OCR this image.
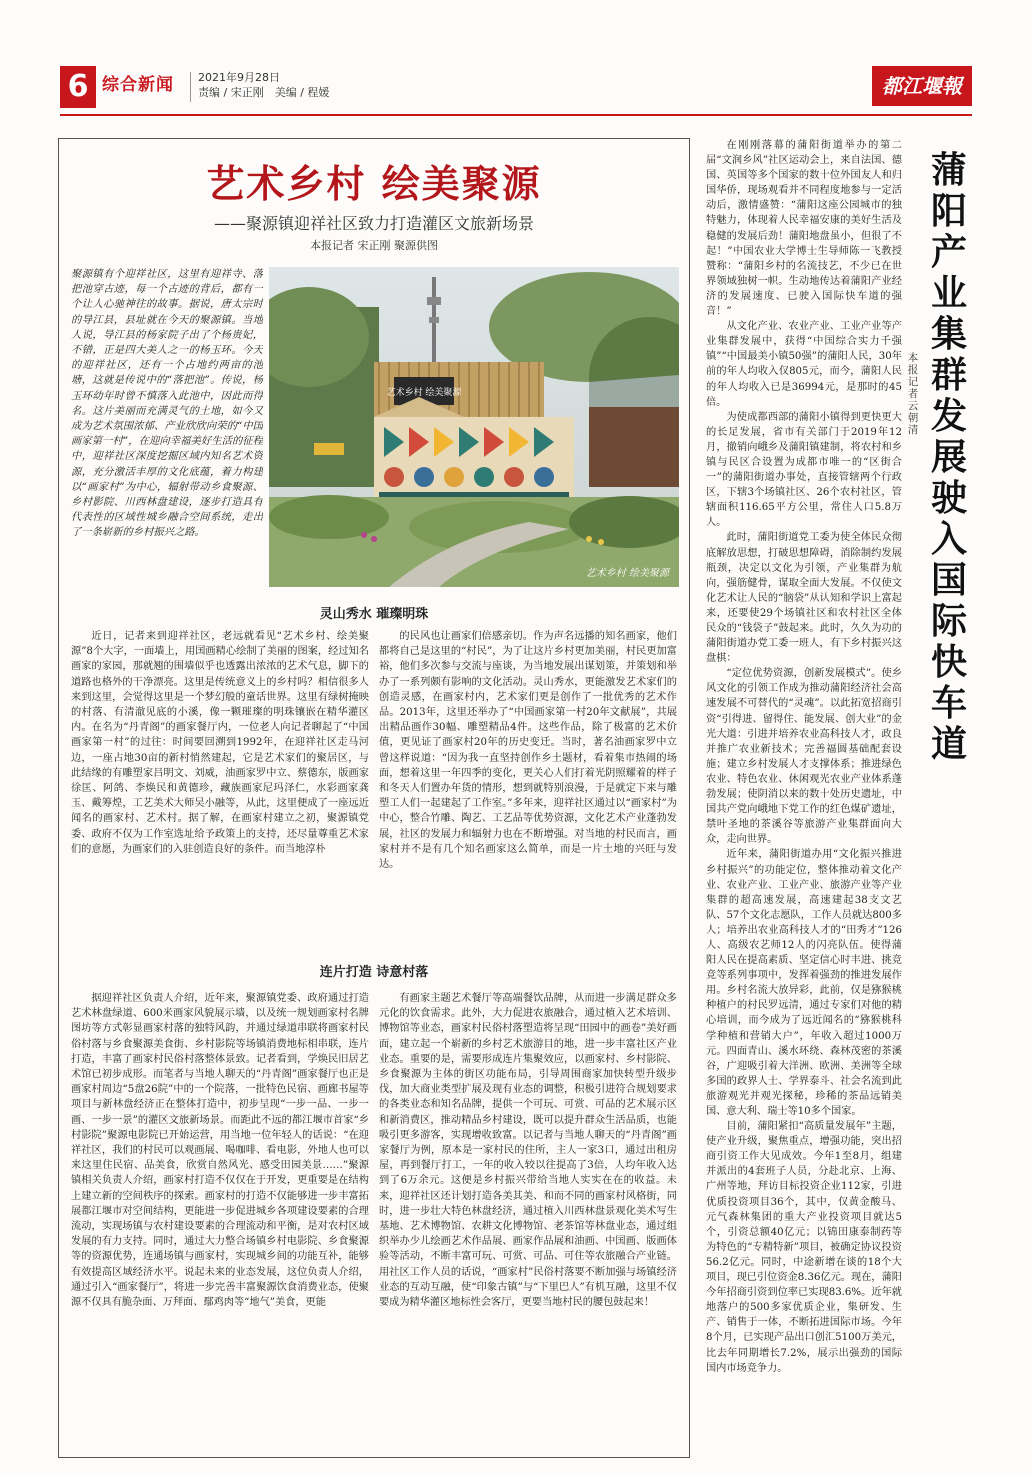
6 综合新闻 2021年9月28日
责编 / 宋正刚　美编 / 程媛	都江堰報
艺术乡村 绘美聚源
——聚源镇迎祥社区致力打造灌区文旅新场景
本报记者 宋正刚 聚源供图
聚源镇有个迎祥社区，这里有迎祥寺、落把池穿古迹，每一个古迹的背后，都有一个让人心驰神往的故事。据说，唐太宗时的导江县，县址就在今天的聚源镇。当地人说，导江县的杨家院子出了个杨贵妃，不错，正是四大美人之一的杨玉环。今天的迎祥社区，还有一个占地约两亩的池塘，这就是传说中的“落把池”。传说，杨玉环幼年时曾不慎落入此池中，因此而得名。这片美丽而充满灵气的土地，如今又成为艺术氛围浓郁、产业欣欣向荣的“中国画家第一村”，在迎向幸福美好生活的征程中，迎祥社区深度挖掘区域内知名艺术资源，充分激活丰厚的文化底蕴，着力构建以“画家村”为中心，辐射带动乡食聚源、乡村影院、川西林盘建设，逐步打造具有代表性的区域性城乡融合空间系统，走出了一条崭新的乡村振兴之路。
艺术乡村 绘美聚源
艺术乡村 绘美聚源
灵山秀水 璀璨明珠

近日，记者来到迎祥社区，老远就看见“艺术乡村、绘美聚源”8个大字，一面墙上，用国画精心绘制了美丽的图案，经过知名画家的家园，那就翘的围墙似乎也透露出浓浓的艺术气息，脚下的道路也格外的干净漂亮。这里是传统意义上的乡村吗？相信很多人来到这里，会觉得这里是一个梦幻般的童话世界。这里有绿树掩映的村落、有清澈见底的小溪，像一颗璀璨的明珠镶嵌在精华灌区内。在名为“丹青阁”的画家餐厅内，一位老人向记者聊起了“中国画家第一村”的过往：时间要回溯到1992年，在迎祥社区走马河边，一座占地30亩的新村悄然建起，它是艺术家们的聚居区，与此结缘的有雕塑家吕明文、刘威，油画家罗中立、蔡德东，版画家徐匡、阿鸽、李焕民和黄德珍，藏族画家尼玛泽仁，水彩画家龚玉、戴筹煌，工艺美术大师吴小融等，从此，这里便成了一座远近闻名的画家村、艺术村。据了解，在画家村建立之初，聚源镇党委、政府不仅为工作室选址给予政策上的支持，还尽量尊重艺术家们的意愿，为画家们的入驻创造良好的条件。而当地淳朴

的民风也让画家们倍感亲切。作为声名远播的知名画家，他们都将自己是这里的“村民”，为了让这片乡村更加美丽，村民更加富裕，他们多次参与交流与座谈，为当地发展出谋划策，并策划和举办了一系列颇有影响的文化活动。灵山秀水，更能激发艺术家们的创造灵感，在画家村内，艺术家们更是创作了一批优秀的艺术作品。2013年，这里还举办了“中国画家第一村20年文献展”，共展出精品画作30幅、雕塑精品4件。这些作品，除了极富的艺术价值，更见证了画家村20年的历史变迁。当时，著名油画家罗中立曾这样说道：“因为我一直坚持创作乡土题材，看着集市热闹的场面，想着这里一年四季的变化，更关心人们打着光阴照耀着的样子和冬天人们置办年货的情形，想到就特别浪漫，于是就定下来与雕塑工人们一起建起了工作室。”多年来，迎祥社区通过以“画家村”为中心，整合竹雕、陶艺、工艺品等优势资源，文化艺术产业蓬勃发展，社区的发展力和辐射力也在不断增强。对当地的村民而言，画家村并不是有几个知名画家这么简单，而是一片土地的兴旺与发达。

连片打造 诗意村落

据迎祥社区负责人介绍，近年来，聚源镇党委、政府通过打造艺术林盘绿道、600米画家风貌展示墙，以及统一规划画家村名牌图坊等方式彰显画家村落的独特风韵，并通过绿道串联将画家村民俗村落与乡食聚源美食街、乡村影院等场镇消费地标相串联，连片打造，丰富了画家村民俗村落整体景致。记者看到，学焕民旧居艺术馆已初步成形。而笔者与当地人聊天的“丹青阁”画家餐厅也正是画家村周边“5盘26院”中的一个院落，一批特色民宿、画廊书屋等项目与新林盘经济正在整体打造中，初步呈现“一步一品、一步一画、一步一景”的灌区文旅新场景。而距此不远的都江堰市首家“乡村影院”聚源电影院已开始运营，用当地一位年轻人的话说：“在迎祥社区，我们的村民可以观画展、喝咖啡、看电影，外地人也可以来这里住民宿、品美食，欣赏自然风光、感受田园美景……”聚源镇相关负责人介绍，画家村打造不仅仅在于开发，更重要是在结构上建立新的空间秩序的探索。画家村的打造不仅能够进一步丰富拓展都江堰市对空间结构，更能进一步促进城乡各项建设要素的合理流动，实现场镇与农村建设要素的合理流动和平衡，是对农村区域发展的有力支持。同时，通过大力整合场镇乡村电影院、乡食聚源等的资源优势，连通场镇与画家村，实现城乡间的功能互补，能够有效提高区域经济水平。说起未来的业态发展，这位负责人介绍，通过引入“画家餐厅”，将进一步完善丰富聚源饮食消费业态，使聚源不仅具有脆杂面、万拜面、鄢鸡肉等“地气”美食，更能

有画家主题艺术餐厅等高端餐饮品牌，从而进一步满足群众多元化的饮食需求。此外，大力促进农旅融合，通过植入艺术培训、博物馆等业态，画家村民俗村落塑造将呈现“田园中的画卷”美好画面，建立起一个崭新的乡村艺术旅游目的地，进一步丰富社区产业业态。重要的是，需要形成连片集聚效应，以画家村、乡村影院、乡食聚源为主体的街区功能布局，引导周围商家加快转型升级步伐，加大商业类型扩展及现有业态的调整，积极引进符合规划要求的各类业态和知名品牌，提供一个可玩、可赏、可品的艺术展示区和新消费区，推动精品乡村建设，既可以提升群众生活品质，也能吸引更多游客，实现增收致富。以记者与当地人聊天的“丹青阁”画家餐厅为例，原本是一家村民的住所，主人一家3口，通过出租房屋，再到餐厅打工，一年的收入较以往提高了3倍，人均年收入达到了6万余元。这便是乡村振兴带给当地人实实在在的收益。未来，迎祥社区还计划打造各美其美、和而不同的画家村风格街，同时，进一步壮大特色林盘经济，通过植入川西林盘景观化美术写生基地、艺术博物馆、农耕文化博物馆、老茶馆等林盘业态，通过组织举办少儿绘画艺术作品展、画家作品展和油画、中国画、版画体验等活动，不断丰富可玩、可赏、可品、可住等农旅融合产业链。用社区工作人员的话说，“画家村”民俗村落要不断加强与场镇经济业态的互动互融，使“印象古镇”与“下里巴人”有机互融，这里不仅要成为精华灌区地标性会客厅，更要当地村民的腰包鼓起来！

在刚刚落幕的蒲阳街道举办的第二届“文润乡风”社区运动会上，来自法国、德国、英国等多个国家的数十位外国友人和归国华侨，现场观看并不同程度地参与一定活动后，激情盛赞：“蒲阳这座公园城市的独特魅力，体现着人民幸福安康的美好生活及稳健的发展后劲！蒲阳地盘虽小，但很了不起！”中国农业大学博士生导师陈一飞教授赞称：“蒲阳乡村的名流技艺，不少已在世界领域独树一帜。生动地传达着蒲阳产业经济的发展速度、已驶入国际快车道的强音！”

从文化产业、农业产业、工业产业等产业集群发展中，获得“中国综合实力千强镇”“中国最美小镇50强”的蒲阳人民，30年前的年人均收入仅805元，而今，蒲阳人民的年人均收入已是36994元，是那时的45倍。

为使成都西部的蒲阳小镇得到更快更大的长足发展，省市有关部门于2019年12月，撤销向峨乡及蒲阳镇建制，将农村和乡镇与民区合设置为成都市唯一的“区街合一”的蒲阳街道办事处，直接管辖两个行政区，下辖3个场镇社区、26个农村社区，管辖面积116.65平方公里，常住人口5.8万人。

此时，蒲阳街道党工委为使全体民众彻底解放思想，打破思想障碍，消除制约发展瓶颈，决定以文化为引领，产业集群为航向，强筋健骨，谋取全面大发展。不仅使文化艺术让人民的“脑袋”从认知和学识上富起来，还要使29个场镇社区和农村社区全体民众的“钱袋子”鼓起来。此时，久久为功的蒲阳街道办党工委一班人，有下乡村振兴这盘棋：

“定位优势资源，创新发展模式”。使乡风文化的引领工作成为推动蒲阳经济社会高速发展不可替代的“灵魂”。以此拓宽招商引资“引得进、留得住、能发展、创大业”的金光大道：引进并培养农业高科技人才，政良并推广农业新技术；完善福圆基础配套设施；建立乡村发展人才支撑体系；推进绿色农业、特色农业、休闲观光农业产业体系蓬勃发展；使阴消以来的数十处历史遗址，中国共产党向峨地下党工作的红色煤矿遗址，禁叶圣地的茶溪谷等旅游产业集群面向大众，走向世界。

近年来，蒲阳街道办用“文化振兴推进乡村振兴”的功能定位，整体推动着文化产业、农业产业、工业产业、旅游产业等产业集群的超高速发展，高速建起38支文艺队、57个文化志愿队，工作人员就达800多人；培养出农业高科技人才的“田秀才”126人、高级农艺师12人的闪亮队伍。使得蒲阳人民在提高素质、坚定信心时丰进、挑竞竞等系列事项中，发挥着强劲的推进发展作用。乡村名流大放异彩，此前，仅是猕猴桃种植户的村民罗远清，通过专家们对他的精心培训，而今成为了远近闻名的“猕猴桃科学种植和营销大户”，年收入超过1000万元。四面青山、溪水环绕、森林茂密的茶溪谷，广迎吸引着大洋洲、欧洲、美洲等全球多国的政界人士、学界泰斗、社会名流到此旅游观光并观光探秘，珍稀的茶品远销美国、意大利、瑞士等10多个国家。

目前，蒲阳紧扣“高质量发展年”主题，使产业升级，聚焦重点，增强功能，突出招商引资工作大见成效。今年1至8月，组建并派出的4套班子人员，分赴北京、上海、广州等地，拜访目标投资企业112家，引进优质投资项目36个，其中，仅黄金酸马、元气森林集团的重大产业投资项目就达5个，引资总额40亿元；以锦田康泰制药等为特色的“专精特新”项目，被确定协议投资56.2亿元。同时，中途新增在谈的18个大项目，现已引位资金8.36亿元。现在，蒲阳今年招商引资到位率已实现83.6%。近年就地落户的500多家优质企业，集研发、生产、销售于一体，不断拓进国际市场。今年8个月，已实现产品出口创汇5100万美元，比去年同期增长7.2%，展示出强劲的国际国内市场竞争力。

蒲阳产业集群发展驶入国际快车道
本报记者 云朝清
